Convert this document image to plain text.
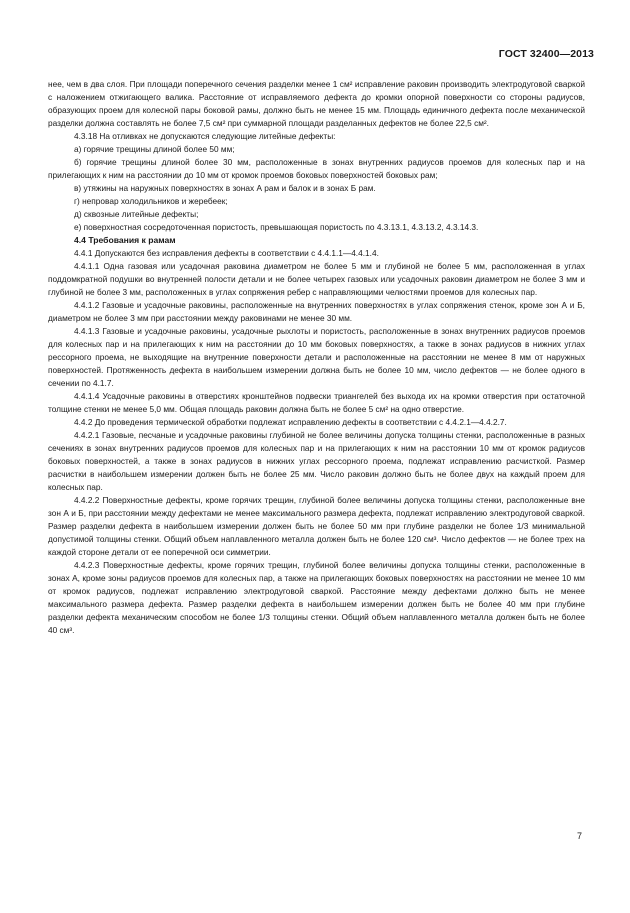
ГОСТ 32400—2013

нее, чем в два слоя. При площади поперечного сечения разделки менее 1 см² исправление раковин производить электродуговой сваркой с наложением отжигающего валика. Расстояние от исправляемого дефекта до кромки опорной поверхности со стороны радиусов, образующих проем для колесной пары боковой рамы, должно быть не менее 15 мм. Площадь единичного дефекта после механической разделки должна составлять не более 7,5 см² при суммарной площади разделанных дефектов не более 22,5 см².

4.3.18 На отливках не допускаются следующие литейные дефекты:

а) горячие трещины длиной более 50 мм;

б) горячие трещины длиной более 30 мм, расположенные в зонах внутренних радиусов проемов для колесных пар и на прилегающих к ним на расстоянии до 10 мм от кромок проемов боковых поверхностей боковых рам;

в) утяжины на наружных поверхностях в зонах А рам и балок и в зонах Б рам.

г) непровар холодильников и жеребеек;

д) сквозные литейные дефекты;

е) поверхностная сосредоточенная пористость, превышающая пористость по 4.3.13.1, 4.3.13.2, 4.3.14.3.

4.4 Требования к рамам

4.4.1 Допускаются без исправления дефекты в соответствии с 4.4.1.1—4.4.1.4.

4.4.1.1 Одна газовая или усадочная раковина диаметром не более 5 мм и глубиной не более 5 мм, расположенная в углах поддомкратной подушки во внутренней полости детали и не более четырех газовых или усадочных раковин диаметром не более 3 мм и глубиной не более 3 мм, расположенных в углах сопряжения ребер с направляющими челюстями проемов для колесных пар.

4.4.1.2 Газовые и усадочные раковины, расположенные на внутренних поверхностях в углах сопряжения стенок, кроме зон А и Б, диаметром не более 3 мм при расстоянии между раковинами не менее 30 мм.

4.4.1.3 Газовые и усадочные раковины, усадочные рыхлоты и пористость, расположенные в зонах внутренних радиусов проемов для колесных пар и на прилегающих к ним на расстоянии до 10 мм боковых поверхностях, а также в зонах радиусов в нижних углах рессорного проема, не выходящие на внутренние поверхности детали и расположенные на расстоянии не менее 8 мм от наружных поверхностей. Протяженность дефекта в наибольшем измерении должна быть не более 10 мм, число дефектов — не более одного в сечении по 4.1.7.

4.4.1.4 Усадочные раковины в отверстиях кронштейнов подвески триангелей без выхода их на кромки отверстия при остаточной толщине стенки не менее 5,0 мм. Общая площадь раковин должна быть не более 5 см² на одно отверстие.

4.4.2 До проведения термической обработки подлежат исправлению дефекты в соответствии с 4.4.2.1—4.4.2.7.

4.4.2.1 Газовые, песчаные и усадочные раковины глубиной не более величины допуска толщины стенки, расположенные в разных сечениях в зонах внутренних радиусов проемов для колесных пар и на прилегающих к ним на расстоянии 10 мм от кромок радиусов боковых поверхностей, а также в зонах радиусов в нижних углах рессорного проема, подлежат исправлению расчисткой. Размер расчистки в наибольшем измерении должен быть не более 25 мм. Число раковин должно быть не более двух на каждый проем для колесных пар.

4.4.2.2 Поверхностные дефекты, кроме горячих трещин, глубиной более величины допуска толщины стенки, расположенные вне зон А и Б, при расстоянии между дефектами не менее максимального размера дефекта, подлежат исправлению электродуговой сваркой. Размер разделки дефекта в наибольшем измерении должен быть не более 50 мм при глубине разделки не более 1/3 минимальной допустимой толщины стенки. Общий объем наплавленного металла должен быть не более 120 см³. Число дефектов — не более трех на каждой стороне детали от ее поперечной оси симметрии.

4.4.2.3 Поверхностные дефекты, кроме горячих трещин, глубиной более величины допуска толщины стенки, расположенные в зонах А, кроме зоны радиусов проемов для колесных пар, а также на прилегающих боковых поверхностях на расстоянии не менее 10 мм от кромок радиусов, подлежат исправлению электродуговой сваркой. Расстояние между дефектами должно быть не менее максимального размера дефекта. Размер разделки дефекта в наибольшем измерении должен быть не более 40 мм при глубине разделки дефекта механическим способом не более 1/3 толщины стенки. Общий объем наплавленного металла должен быть не более 40 см³.

7
